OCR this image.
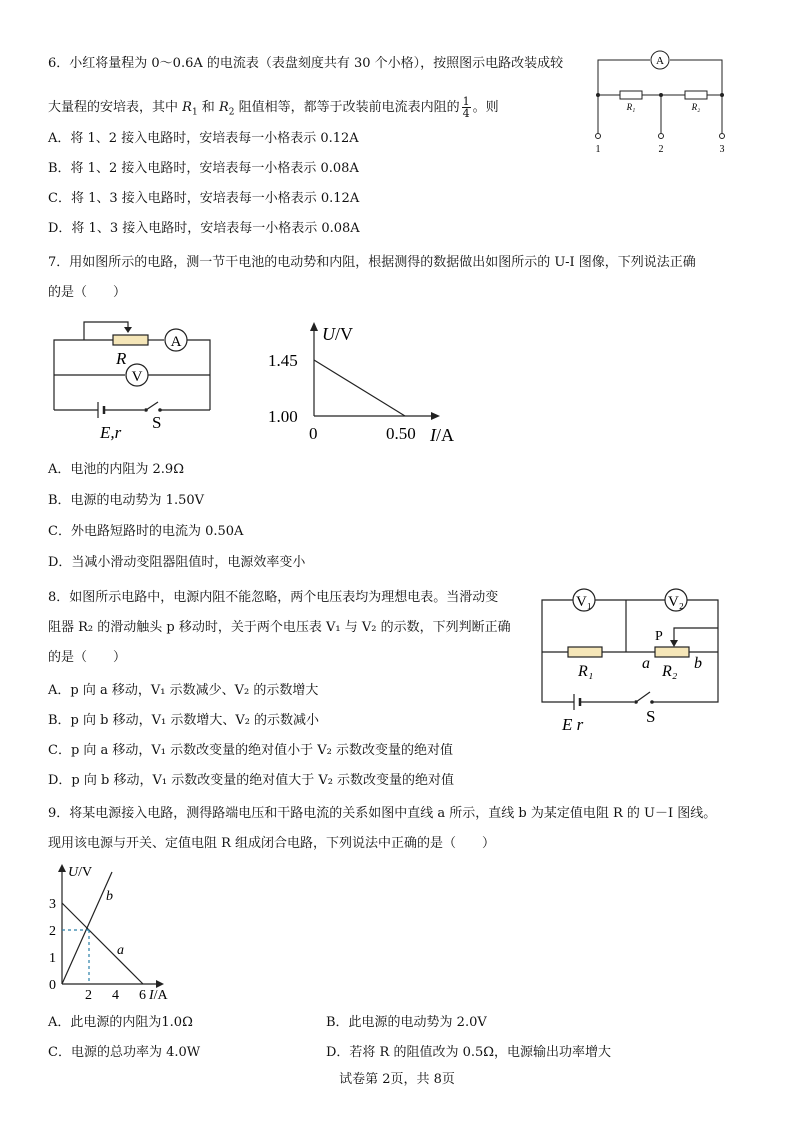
6．小红将量程为 0～0.6A 的电流表（表盘刻度共有 30 个小格），按照图示电路改装成较
大量程的安培表，其中 $R_1$ 和 $R_2$ 阻值相等，都等于改装前电流表内阻的 $\frac{1}{4}$ 。则
A．将 1、2 接入电路时，安培表每一小格表示 0.12A
B．将 1、2 接入电路时，安培表每一小格表示 0.08A
C．将 1、3 接入电路时，安培表每一小格表示 0.12A
D．将 1、3 接入电路时，安培表每一小格表示 0.08A
A
R₁	R₂
1	2	3
7．用如图所示的电路，测一节干电池的电动势和内阻，根据测得的数据做出如图所示的 U-I 图像，下列说法正确
的是（　　）
R
A
V
E,r
S
U/V
1.45
1.00
0	0.50 I/A
A．电池的内阻为 2.9Ω
B．电源的电动势为 1.50V
C．外电路短路时的电流为 0.50A
D．当减小滑动变阻器阻值时，电源效率变小
8．如图所示电路中，电源内阻不能忽略，两个电压表均为理想电表。当滑动变
阻器 R₂ 的滑动触头 p 移动时，关于两个电压表 V₁ 与 V₂ 的示数，下列判断正确
的是（　　）
A．p 向 a 移动，V₁ 示数减少、V₂ 的示数增大
B．p 向 b 移动，V₁ 示数增大、V₂ 的示数减小
C．p 向 a 移动，V₁ 示数改变量的绝对值小于 V₂ 示数改变量的绝对值
D．p 向 b 移动，V₁ 示数改变量的绝对值大于 V₂ 示数改变量的绝对值
V₁	V₂
P
R₁	R₂
a	b
E r	S
9．将某电源接入电路，测得路端电压和干路电流的关系如图中直线 a 所示，直线 b 为某定值电阻 R 的 U－I 图线。
现用该电源与开关、定值电阻 R 组成闭合电路，下列说法中正确的是（　　）
U/V
b
a
3
2
1
0
2 4 6 I/A
A．此电源的内阻为1.0Ω	B．此电源的电动势为 2.0V
C．电源的总功率为 4.0W	D．若将 R 的阻值改为 0.5Ω，电源输出功率增大
试卷第 2页，共 8页
